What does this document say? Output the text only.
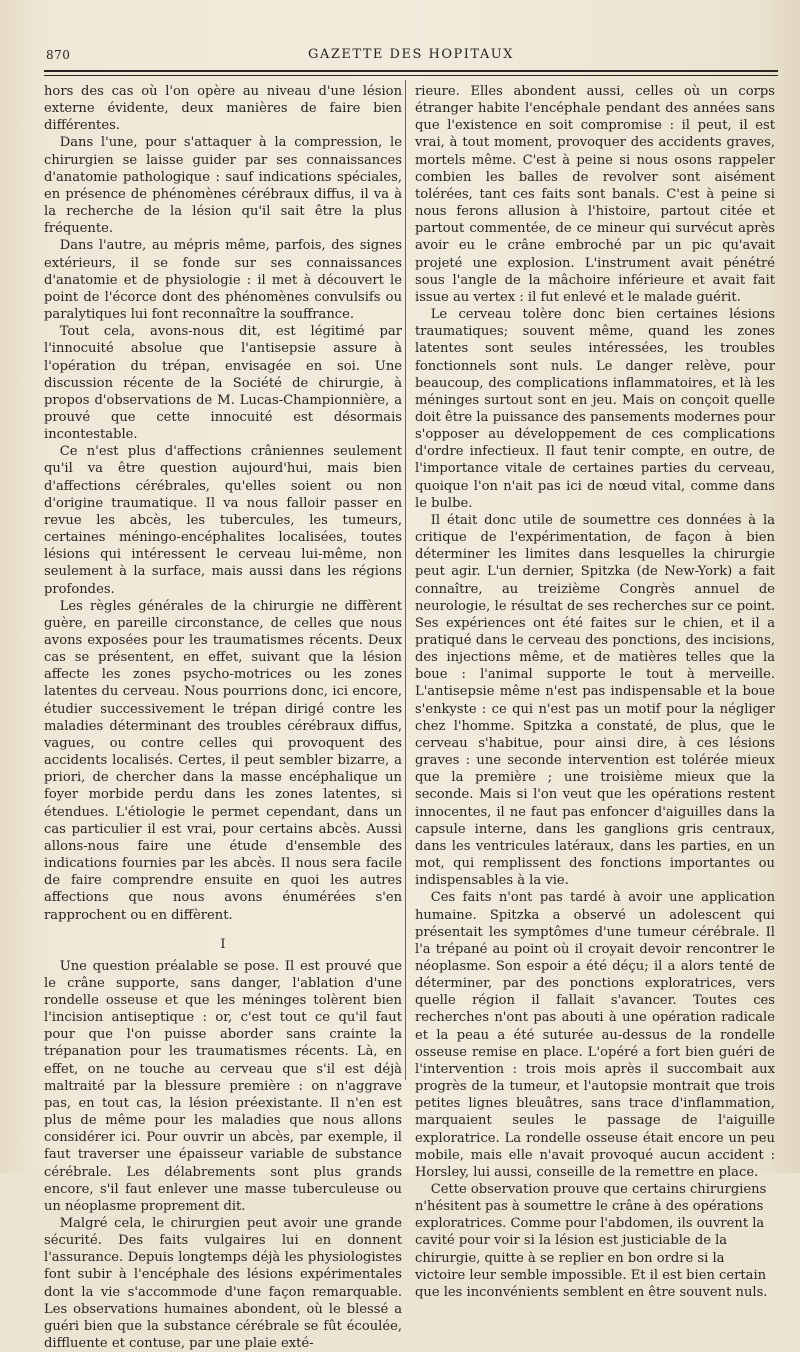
870	GAZETTE DES HOPITAUX

hors des cas où l'on opère au niveau d'une lésion externe évidente, deux manières de faire bien différentes.

Dans l'une, pour s'attaquer à la compression, le chirurgien se laisse guider par ses connaissances d'anatomie pathologique : sauf indications spéciales, en présence de phénomènes cérébraux diffus, il va à la recherche de la lésion qu'il sait être la plus fréquente.

Dans l'autre, au mépris même, parfois, des signes extérieurs, il se fonde sur ses connaissances d'anatomie et de physiologie : il met à découvert le point de l'écorce dont des phénomènes convulsifs ou paralytiques lui font reconnaître la souffrance.

Tout cela, avons-nous dit, est légitimé par l'innocuité absolue que l'antisepsie assure à l'opération du trépan, envisagée en soi. Une discussion récente de la Société de chirurgie, à propos d'observations de M. Lucas-Championnière, a prouvé que cette innocuité est désormais incontestable.

Ce n'est plus d'affections crâniennes seulement qu'il va être question aujourd'hui, mais bien d'affections cérébrales, qu'elles soient ou non d'origine traumatique. Il va nous falloir passer en revue les abcès, les tubercules, les tumeurs, certaines méningo-encéphalites localisées, toutes lésions qui intéressent le cerveau lui-même, non seulement à la surface, mais aussi dans les régions profondes.

Les règles générales de la chirurgie ne diffèrent guère, en pareille circonstance, de celles que nous avons exposées pour les traumatismes récents. Deux cas se présentent, en effet, suivant que la lésion affecte les zones psycho-motrices ou les zones latentes du cerveau. Nous pourrions donc, ici encore, étudier successivement le trépan dirigé contre les maladies déterminant des troubles cérébraux diffus, vagues, ou contre celles qui provoquent des accidents localisés. Certes, il peut sembler bizarre, a priori, de chercher dans la masse encéphalique un foyer morbide perdu dans les zones latentes, si étendues. L'étiologie le permet cependant, dans un cas particulier il est vrai, pour certains abcès. Aussi allons-nous faire une étude d'ensemble des indications fournies par les abcès. Il nous sera facile de faire comprendre ensuite en quoi les autres affections que nous avons énumérées s'en rapprochent ou en diffèrent.

I

Une question préalable se pose. Il est prouvé que le crâne supporte, sans danger, l'ablation d'une rondelle osseuse et que les méninges tolèrent bien l'incision antiseptique : or, c'est tout ce qu'il faut pour que l'on puisse aborder sans crainte la trépanation pour les traumatismes récents. Là, en effet, on ne touche au cerveau que s'il est déjà maltraité par la blessure première : on n'aggrave pas, en tout cas, la lésion préexistante. Il n'en est plus de même pour les maladies que nous allons considérer ici. Pour ouvrir un abcès, par exemple, il faut traverser une épaisseur variable de substance cérébrale. Les délabrements sont plus grands encore, s'il faut enlever une masse tuberculeuse ou un néoplasme proprement dit.

Malgré cela, le chirurgien peut avoir une grande sécurité. Des faits vulgaires lui en donnent l'assurance. Depuis longtemps déjà les physiologistes font subir à l'encéphale des lésions expérimentales dont la vie s'accommode d'une façon remarquable. Les observations humaines abondent, où le blessé a guéri bien que la substance cérébrale se fût écoulée, diffluente et contuse, par une plaie exté-

rieure. Elles abondent aussi, celles où un corps étranger habite l'encéphale pendant des années sans que l'existence en soit compromise : il peut, il est vrai, à tout moment, provoquer des accidents graves, mortels même. C'est à peine si nous osons rappeler combien les balles de revolver sont aisément tolérées, tant ces faits sont banals. C'est à peine si nous ferons allusion à l'histoire, partout citée et partout commentée, de ce mineur qui survécut après avoir eu le crâne embroché par un pic qu'avait projeté une explosion. L'instrument avait pénétré sous l'angle de la mâchoire inférieure et avait fait issue au vertex : il fut enlevé et le malade guérit.

Le cerveau tolère donc bien certaines lésions traumatiques; souvent même, quand les zones latentes sont seules intéressées, les troubles fonctionnels sont nuls. Le danger relève, pour beaucoup, des complications inflammatoires, et là les méninges surtout sont en jeu. Mais on conçoit quelle doit être la puissance des pansements modernes pour s'opposer au développement de ces complications d'ordre infectieux. Il faut tenir compte, en outre, de l'importance vitale de certaines parties du cerveau, quoique l'on n'ait pas ici de nœud vital, comme dans le bulbe.

Il était donc utile de soumettre ces données à la critique de l'expérimentation, de façon à bien déterminer les limites dans lesquelles la chirurgie peut agir. L'un dernier, Spitzka (de New-York) a fait connaître, au treizième Congrès annuel de neurologie, le résultat de ses recherches sur ce point. Ses expériences ont été faites sur le chien, et il a pratiqué dans le cerveau des ponctions, des incisions, des injections même, et de matières telles que la boue : l'animal supporte le tout à merveille. L'antisepsie même n'est pas indispensable et la boue s'enkyste : ce qui n'est pas un motif pour la négliger chez l'homme. Spitzka a constaté, de plus, que le cerveau s'habitue, pour ainsi dire, à ces lésions graves : une seconde intervention est tolérée mieux que la première ; une troisième mieux que la seconde. Mais si l'on veut que les opérations restent innocentes, il ne faut pas enfoncer d'aiguilles dans la capsule interne, dans les ganglions gris centraux, dans les ventricules latéraux, dans les parties, en un mot, qui remplissent des fonctions importantes ou indispensables à la vie.

Ces faits n'ont pas tardé à avoir une application humaine. Spitzka a observé un adolescent qui présentait les symptômes d'une tumeur cérébrale. Il l'a trépané au point où il croyait devoir rencontrer le néoplasme. Son espoir a été déçu; il a alors tenté de déterminer, par des ponctions exploratrices, vers quelle région il fallait s'avancer. Toutes ces recherches n'ont pas abouti à une opération radicale et la peau a été suturée au-dessus de la rondelle osseuse remise en place. L'opéré a fort bien guéri de l'intervention : trois mois après il succombait aux progrès de la tumeur, et l'autopsie montrait que trois petites lignes bleuâtres, sans trace d'inflammation, marquaient seules le passage de l'aiguille exploratrice. La rondelle osseuse était encore un peu mobile, mais elle n'avait provoqué aucun accident : Horsley, lui aussi, conseille de la remettre en place.

Cette observation prouve que certains chirurgiens n'hésitent pas à soumettre le crâne à des opérations exploratrices. Comme pour l'abdomen, ils ouvrent la cavité pour voir si la lésion est justiciable de la chirurgie, quitte à se replier en bon ordre si la victoire leur semble impossible. Et il est bien certain que les inconvénients semblent en être souvent nuls.
